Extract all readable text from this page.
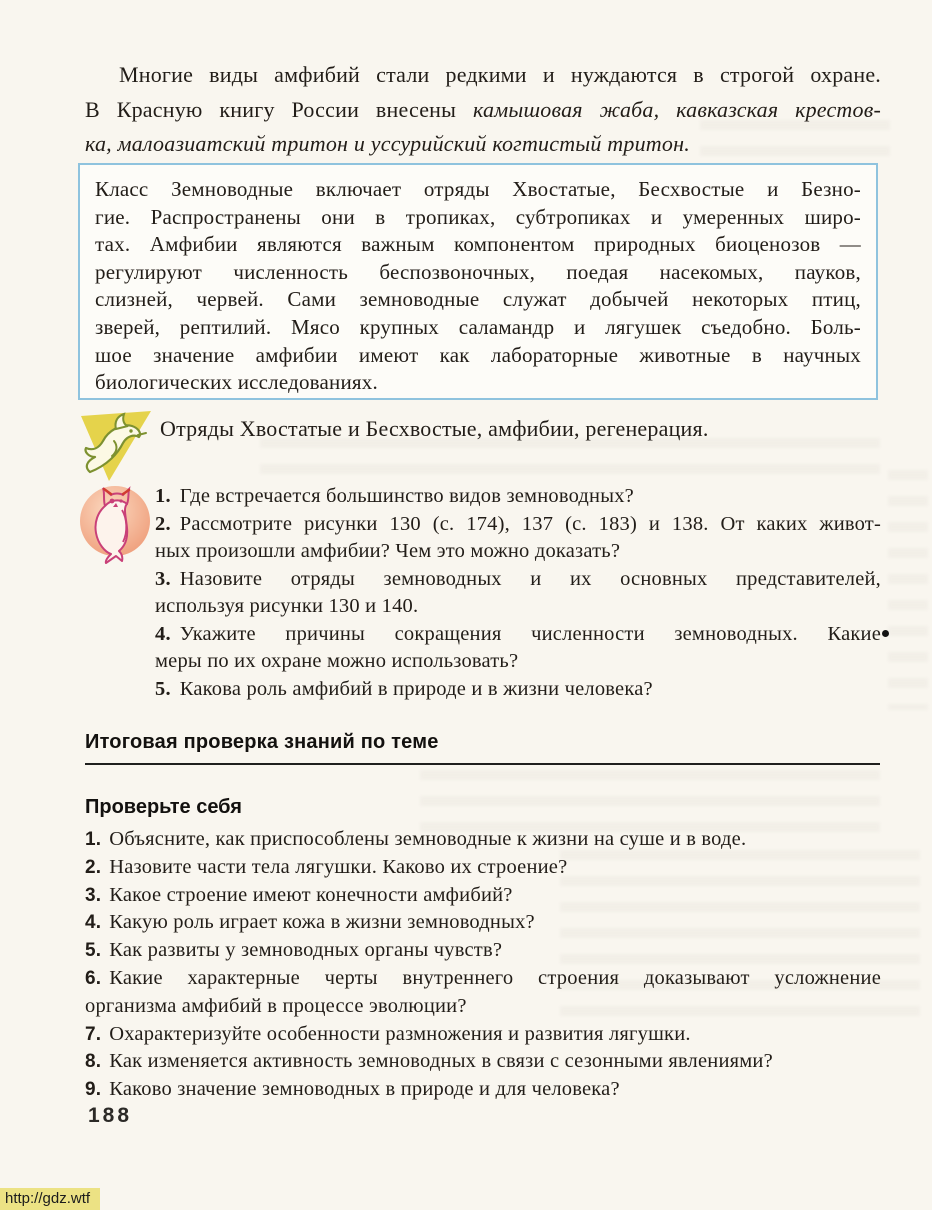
Многие виды амфибий стали редкими и нуждаются в строгой охране.
В Красную книгу России внесены камышовая жаба, кавказская крестов-
ка, малоазиатский тритон и уссурийский когтистый тритон.
Класс Земноводные включает отряды Хвостатые, Бесхвостые и Безно-
гие. Распространены они в тропиках, субтропиках и умеренных широ-
тах. Амфибии являются важным компонентом природных биоценозов —
регулируют численность беспозвоночных, поедая насекомых, пауков,
слизней, червей. Сами земноводные служат добычей некоторых птиц,
зверей, рептилий. Мясо крупных саламандр и лягушек съедобно. Боль-
шое значение амфибии имеют как лабораторные животные в научных
биологических исследованиях.
Отряды Хвостатые и Бесхвостые, амфибии, регенерация.
1. Где встречается большинство видов земноводных?
2. Рассмотрите рисунки 130 (с. 174), 137 (с. 183) и 138. От каких живот-
ных произошли амфибии? Чем это можно доказать?
3. Назовите отряды земноводных и их основных представителей,
используя рисунки 130 и 140.
4. Укажите причины сокращения численности земноводных. Какие
меры по их охране можно использовать?
5. Какова роль амфибий в природе и в жизни человека?
Итоговая проверка знаний по теме
Проверьте себя
1. Объясните, как приспособлены земноводные к жизни на суше и в воде.
2. Назовите части тела лягушки. Каково их строение?
3. Какое строение имеют конечности амфибий?
4. Какую роль играет кожа в жизни земноводных?
5. Как развиты у земноводных органы чувств?
6. Какие характерные черты внутреннего строения доказывают усложнение
организма амфибий в процессе эволюции?
7. Охарактеризуйте особенности размножения и развития лягушки.
8. Как изменяется активность земноводных в связи с сезонными явлениями?
9. Каково значение земноводных в природе и для человека?
188
http://gdz.wtf
